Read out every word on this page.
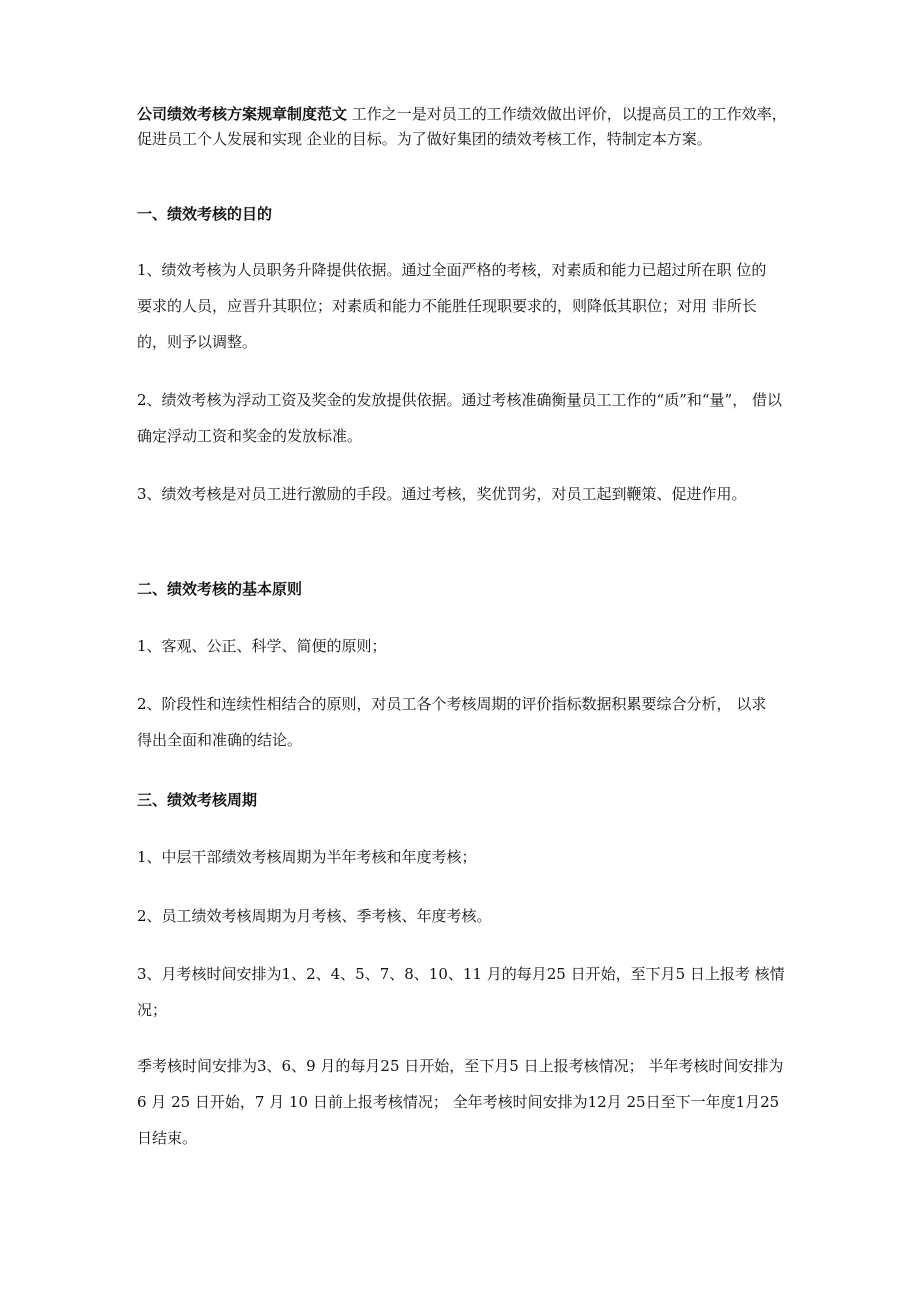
公司绩效考核方案规章制度范文 工作之一是对员工的工作绩效做出评价，以提高员工的工作效率，促进员工个人发展和实现 企业的目标。为了做好集团的绩效考核工作，特制定本方案。

一、绩效考核的目的

1、绩效考核为人员职务升降提供依据。通过全面严格的考核，对素质和能力已超过所在职 位的要求的人员，应晋升其职位；对素质和能力不能胜任现职要求的，则降低其职位；对用 非所长的，则予以调整。

2、绩效考核为浮动工资及奖金的发放提供依据。通过考核准确衡量员工工作的“质”和“量”， 借以确定浮动工资和奖金的发放标准。

3、绩效考核是对员工进行激励的手段。通过考核，奖优罚劣，对员工起到鞭策、促进作用。

二、绩效考核的基本原则

1、客观、公正、科学、简便的原则；

2、阶段性和连续性相结合的原则，对员工各个考核周期的评价指标数据积累要综合分析， 以求得出全面和准确的结论。

三、绩效考核周期

1、中层干部绩效考核周期为半年考核和年度考核；

2、员工绩效考核周期为月考核、季考核、年度考核。

3、月考核时间安排为1、2、4、5、7、8、10、11 月的每月25 日开始，至下月5 日上报考 核情况；

季考核时间安排为3、6、9 月的每月25 日开始，至下月5 日上报考核情况； 半年考核时间安排为6 月 25 日开始，7 月 10 日前上报考核情况； 全年考核时间安排为12月 25日至下一年度1月25日结束。
